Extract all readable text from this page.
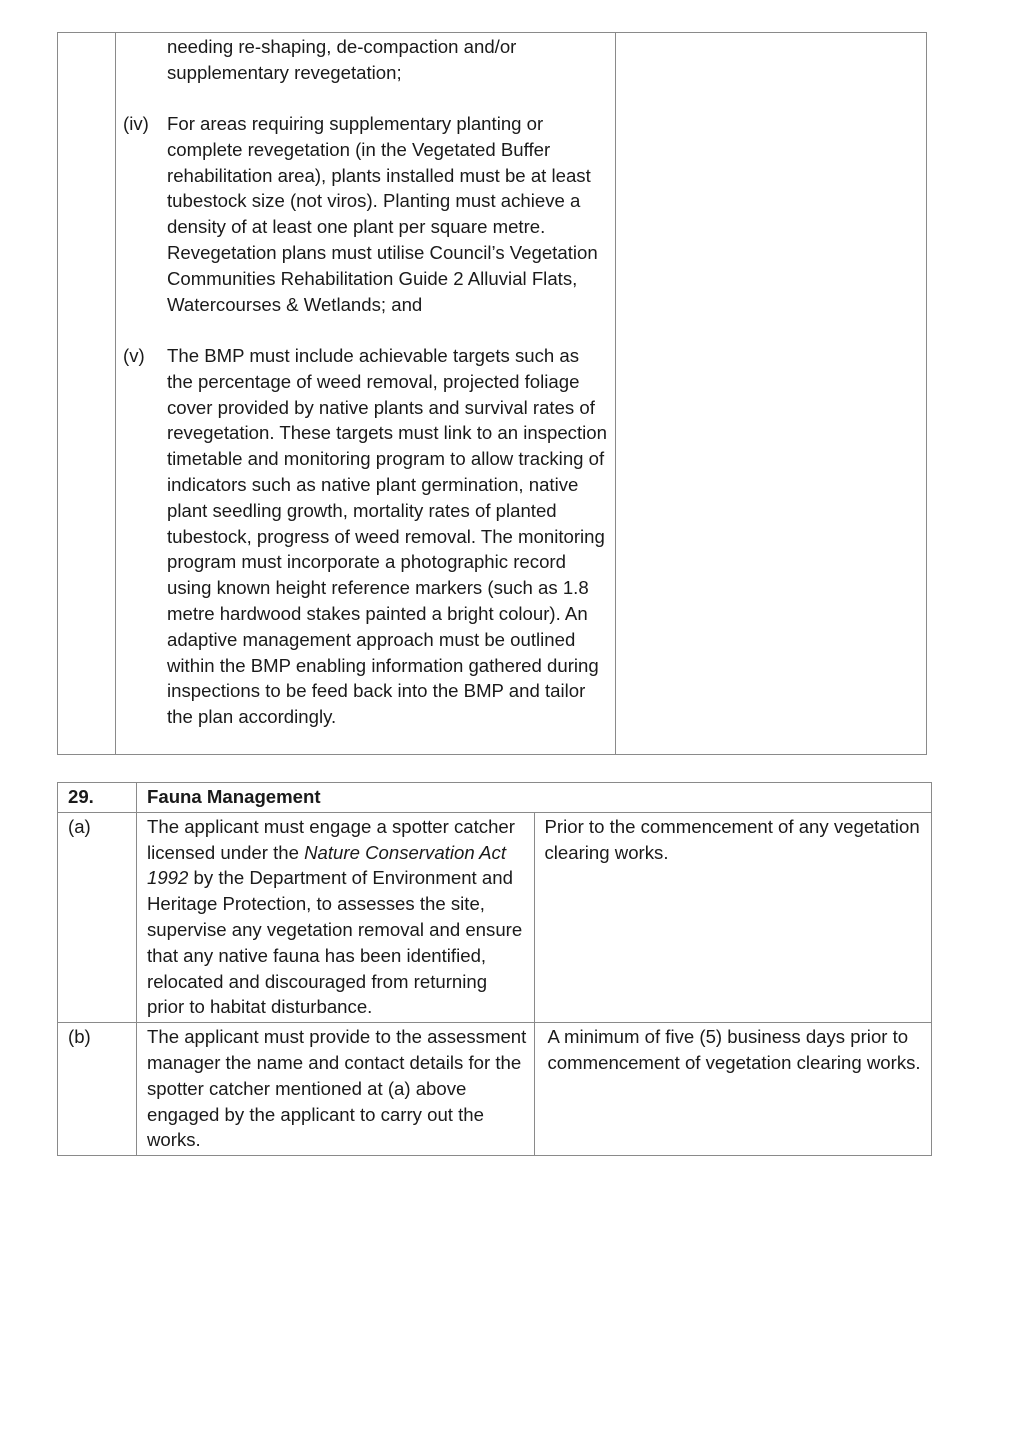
needing re-shaping, de-compaction and/or supplementary revegetation;
(iv) For areas requiring supplementary planting or complete revegetation (in the Vegetated Buffer rehabilitation area), plants installed must be at least tubestock size (not viros). Planting must achieve a density of at least one plant per square metre. Revegetation plans must utilise Council’s Vegetation Communities Rehabilitation Guide 2 Alluvial Flats, Watercourses & Wetlands; and
(v) The BMP must include achievable targets such as the percentage of weed removal, projected foliage cover provided by native plants and survival rates of revegetation. These targets must link to an inspection timetable and monitoring program to allow tracking of indicators such as native plant germination, native plant seedling growth, mortality rates of planted tubestock, progress of weed removal. The monitoring program must incorporate a photographic record using known height reference markers (such as 1.8 metre hardwood stakes painted a bright colour). An adaptive management approach must be outlined within the BMP enabling information gathered during inspections to be feed back into the BMP and tailor the plan accordingly.
29.	Fauna Management	
(a)	The applicant must engage a spotter catcher licensed under the Nature Conservation Act 1992 by the Department of Environment and Heritage Protection, to assesses the site, supervise any vegetation removal and ensure that any native fauna has been identified, relocated and discouraged from returning prior to habitat disturbance.	Prior to the commencement of any vegetation clearing works.
(b)	The applicant must provide to the assessment manager the name and contact details for the spotter catcher mentioned at (a) above engaged by the applicant to carry out the works.	A minimum of five (5) business days prior to commencement of vegetation clearing works.
